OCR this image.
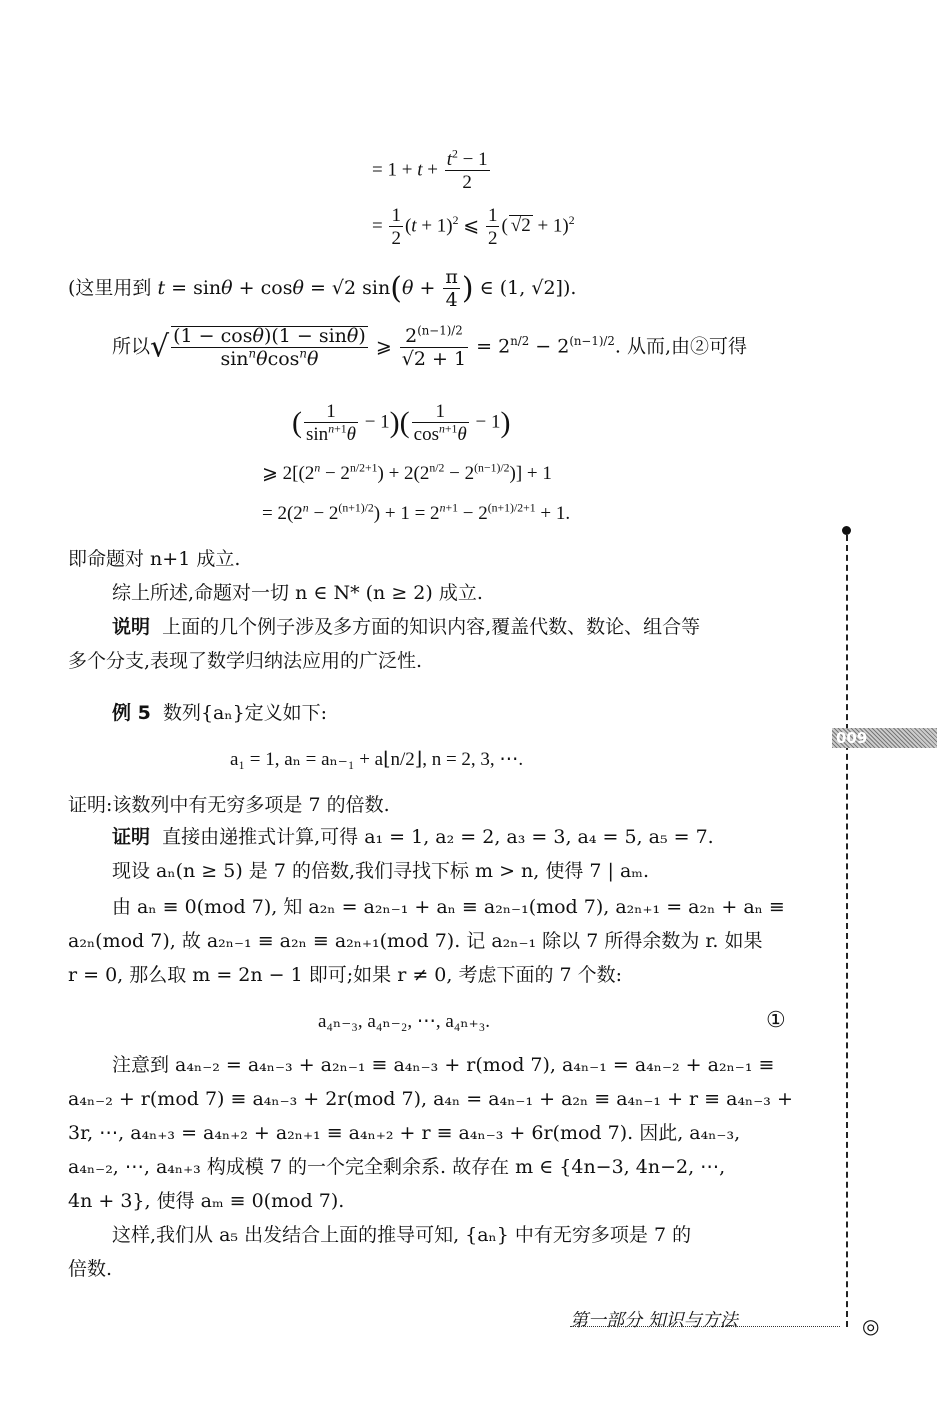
= $1 + t + \frac{t^2 - 1}{2}$
= $\frac{1}{2} (t + 1)^2$ ⩽ $\frac{1}{2}$ ( √2 + 1)$^2$
(这里用到 t = sinθ + cosθ = √2 $\sin(\theta + \frac{\pi}{4}$ ) ∈ (1, √2]).
所以√ $\frac{(1 - \cos\theta)(1 - \sin\theta)}{\sin^n\theta\cos^n\theta}$ ⩾ $\frac{2^{(n-1)/2}}{√2 + 1} = 2^{n/2} - 2^{(n-1)/2}$. 从而,由②可得
( $\frac{1}{\sin^{n+1}\theta} - 1)( \frac{1}{\cos^{n+1}\theta} - 1)$
⩾ $2[(2^n - 2^{n/2+1}) + 2(2^{n/2} - 2^{(n-1)/2})] + 1$
= $2(2^n - 2^{(n+1)/2}) + 1 = 2^{n+1} - 2^{(n+1)/2+1} + 1$.
即命题对 n+1 成立.
综上所述,命题对一切 n ∈ N* (n ≥ 2) 成立.
说明 上面的几个例子涉及多方面的知识内容,覆盖代数、数论、组合等
多个分支,表现了数学归纳法应用的广泛性.
例 5 数列{aₙ}定义如下:
a₁ = 1, aₙ = aₙ₋₁ + a⌊n/2⌋, n = 2, 3, ⋯.
证明:该数列中有无穷多项是 7 的倍数.
证明 直接由递推式计算,可得 a₁ = 1, a₂ = 2, a₃ = 3, a₄ = 5, a₅ = 7.
现设 aₙ(n ≥ 5) 是 7 的倍数,我们寻找下标 m > n, 使得 7 | aₘ.
由 aₙ ≡ 0(mod 7), 知 a₂ₙ = a₂ₙ₋₁ + aₙ ≡ a₂ₙ₋₁(mod 7), a₂ₙ₊₁ = a₂ₙ + aₙ ≡
a₂ₙ(mod 7), 故 a₂ₙ₋₁ ≡ a₂ₙ ≡ a₂ₙ₊₁(mod 7). 记 a₂ₙ₋₁ 除以 7 所得余数为 r. 如果
r = 0, 那么取 m = 2n − 1 即可;如果 r ≠ 0, 考虑下面的 7 个数:
a₄ₙ₋₃, a₄ₙ₋₂, ⋯, a₄ₙ₊₃.	①
注意到 a₄ₙ₋₂ = a₄ₙ₋₃ + a₂ₙ₋₁ ≡ a₄ₙ₋₃ + r(mod 7), a₄ₙ₋₁ = a₄ₙ₋₂ + a₂ₙ₋₁ ≡
a₄ₙ₋₂ + r(mod 7) ≡ a₄ₙ₋₃ + 2r(mod 7), a₄ₙ = a₄ₙ₋₁ + a₂ₙ ≡ a₄ₙ₋₁ + r ≡ a₄ₙ₋₃ +
3r, ⋯, a₄ₙ₊₃ = a₄ₙ₊₂ + a₂ₙ₊₁ ≡ a₄ₙ₊₂ + r ≡ a₄ₙ₋₃ + 6r(mod 7). 因此, a₄ₙ₋₃,
a₄ₙ₋₂, ⋯, a₄ₙ₊₃ 构成模 7 的一个完全剩余系. 故存在 m ∈ {4n−3, 4n−2, ⋯,
4n + 3}, 使得 aₘ ≡ 0(mod 7).
这样,我们从 a₅ 出发结合上面的推导可知, {aₙ} 中有无穷多项是 7 的
倍数.
009
第一部分 知识与方法	◎
